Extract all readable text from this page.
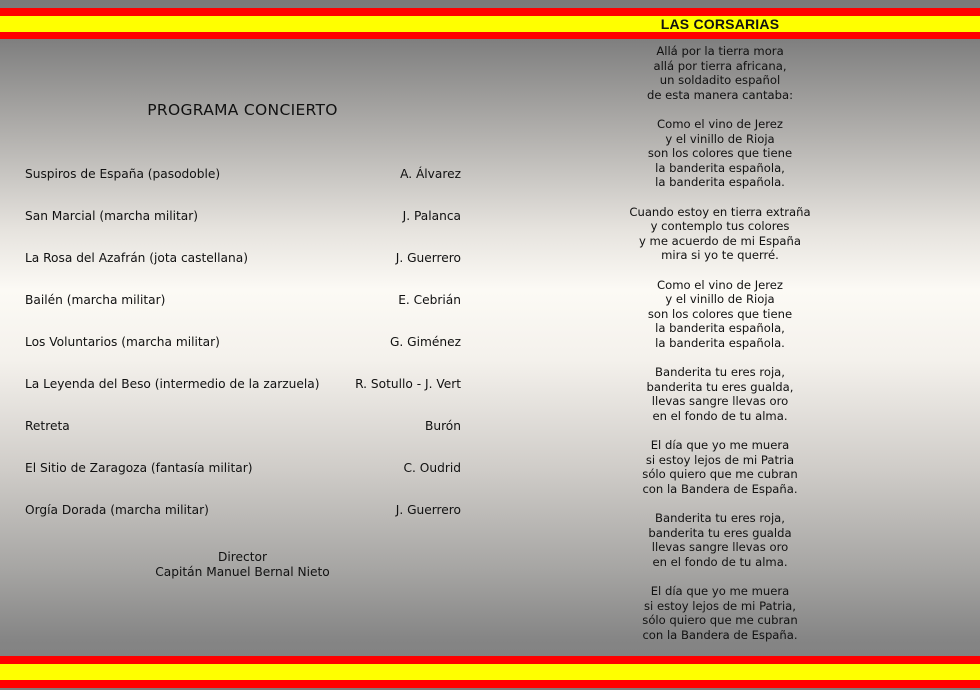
LAS CORSARIAS
PROGRAMA CONCIERTO
Suspiros de España (pasodoble)	A. Álvarez
San Marcial (marcha militar)	J. Palanca
La Rosa del Azafrán (jota castellana)	J. Guerrero
Bailén (marcha militar)	E. Cebrián
Los Voluntarios (marcha militar)	G. Giménez
La Leyenda del Beso (intermedio de la zarzuela)	R. Sotullo - J. Vert
Retreta	Burón
El Sitio de Zaragoza (fantasía militar)	C. Oudrid
Orgía Dorada (marcha militar)	J. Guerrero
Director
Capitán Manuel Bernal Nieto
Allá por la tierra mora
allá por tierra africana,
un soldadito español
de esta manera cantaba:
Como el vino de Jerez
y el vinillo de Rioja
son los colores que tiene
la banderita española,
la banderita española.
Cuando estoy en tierra extraña
y contemplo tus colores
y me acuerdo de mi España
mira si yo te querré.
Como el vino de Jerez
y el vinillo de Rioja
son los colores que tiene
la banderita española,
la banderita española.
Banderita tu eres roja,
banderita tu eres gualda,
llevas sangre llevas oro
en el fondo de tu alma.
El día que yo me muera
si estoy lejos de mi Patria
sólo quiero que me cubran
con la Bandera de España.
Banderita tu eres roja,
banderita tu eres gualda
llevas sangre llevas oro
en el fondo de tu alma.
El día que yo me muera
si estoy lejos de mi Patria,
sólo quiero que me cubran
con la Bandera de España.
